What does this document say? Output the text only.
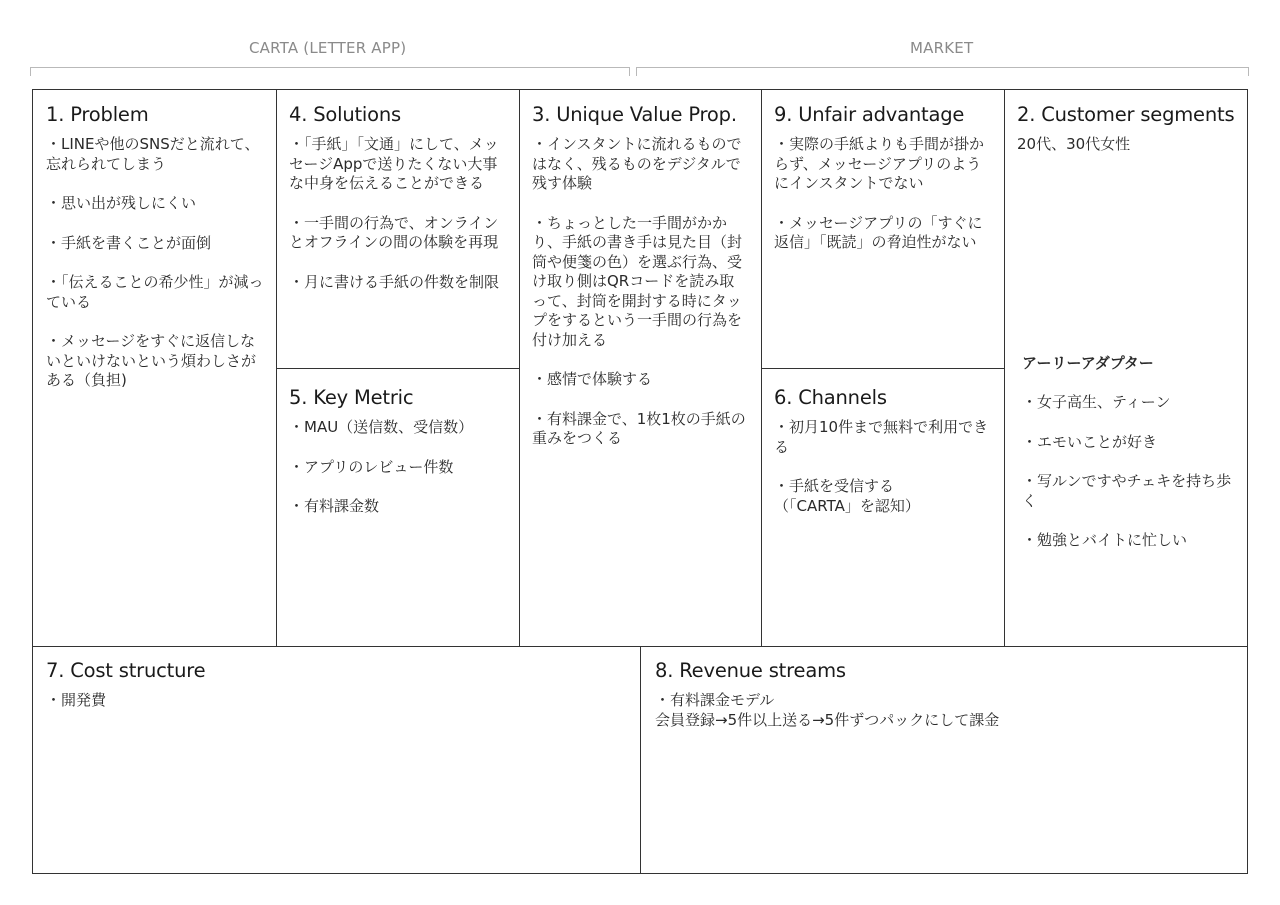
CARTA (LETTER APP)	MARKET
1. Problem
・LINEや他のSNSだと流れて、忘れられてしまう
・思い出が残しにくい
・手紙を書くことが面倒
・「伝えることの希少性」が減っている
・メッセージをすぐに返信しないといけないという煩わしさがある（負担)
4. Solutions
・「手紙」「文通」にして、メッセージAppで送りたくない大事な中身を伝えることができる
・一手間の行為で、オンラインとオフラインの間の体験を再現
・月に書ける手紙の件数を制限
5. Key Metric
・MAU（送信数、受信数）
・アプリのレビュー件数
・有料課金数
3. Unique Value Prop.
・インスタントに流れるものではなく、残るものをデジタルで残す体験
・ちょっとした一手間がかかり、手紙の書き手は見た目（封筒や便箋の色）を選ぶ行為、受け取り側はQRコードを読み取って、封筒を開封する時にタップをするという一手間の行為を付け加える
・感情で体験する
・有料課金で、1枚1枚の手紙の重みをつくる
9. Unfair advantage
・実際の手紙よりも手間が掛からず、メッセージアプリのようにインスタントでない
・メッセージアプリの「すぐに返信」「既読」の脅迫性がない
6. Channels
・初月10件まで無料で利用できる
・手紙を受信する
（「CARTA」を認知）
2. Customer segments
20代、30代女性
アーリーアダプター
・女子高生、ティーン
・エモいことが好き
・写ルンですやチェキを持ち歩く
・勉強とバイトに忙しい
7. Cost structure
・開発費
8. Revenue streams
・有料課金モデル
会員登録→5件以上送る→5件ずつパックにして課金
